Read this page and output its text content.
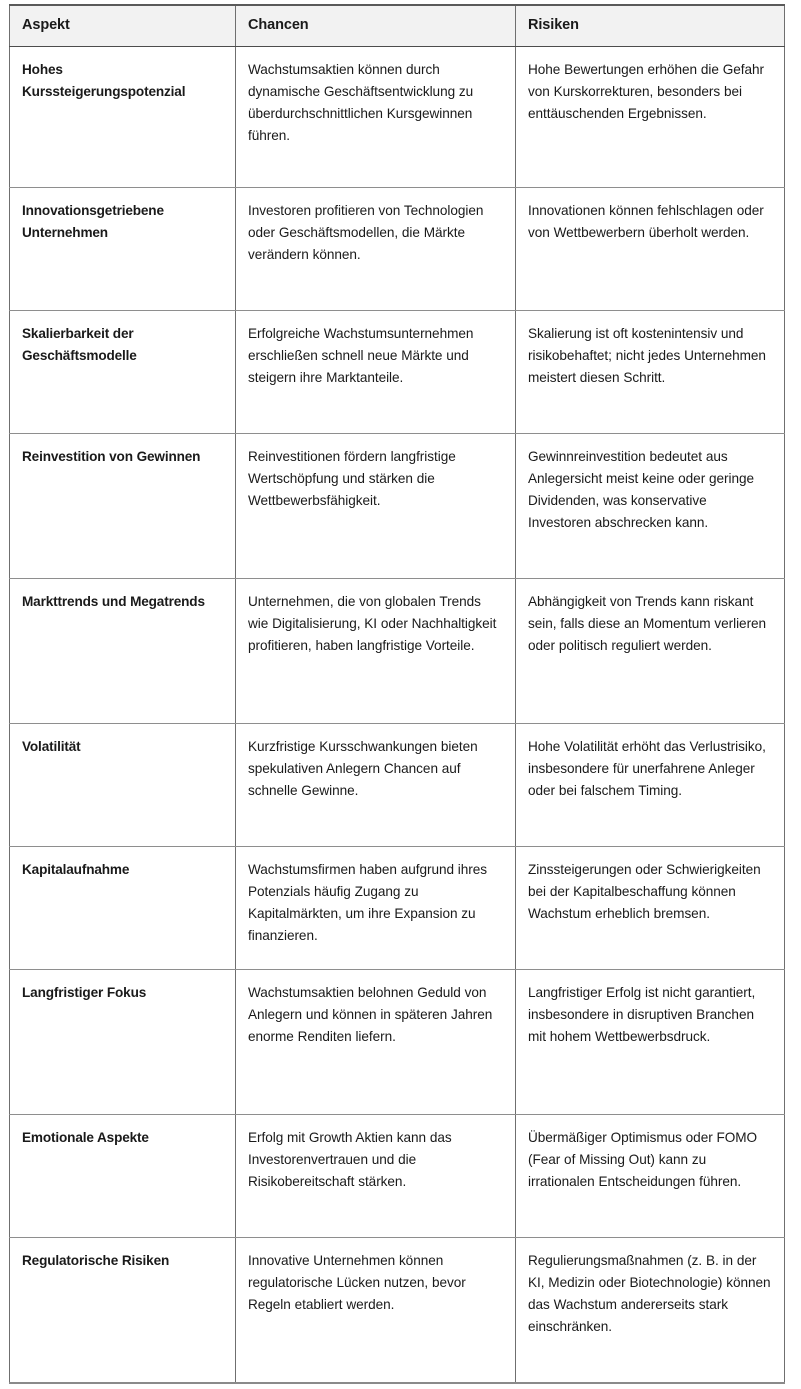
Aspekt	Chancen	Risiken
Hohes Kurssteigerungspotenzial	Wachstumsaktien können durch dynamische Geschäftsentwicklung zu überdurchschnittlichen Kursgewinnen führen.	Hohe Bewertungen erhöhen die Gefahr von Kurskorrekturen, besonders bei enttäuschenden Ergebnissen.
Innovationsgetriebene Unternehmen	Investoren profitieren von Technologien oder Geschäftsmodellen, die Märkte verändern können.	Innovationen können fehlschlagen oder von Wettbewerbern überholt werden.
Skalierbarkeit der Geschäftsmodelle	Erfolgreiche Wachstumsunternehmen erschließen schnell neue Märkte und steigern ihre Marktanteile.	Skalierung ist oft kostenintensiv und risikobehaftet; nicht jedes Unternehmen meistert diesen Schritt.
Reinvestition von Gewinnen	Reinvestitionen fördern langfristige Wertschöpfung und stärken die Wettbewerbsfähigkeit.	Gewinnreinvestition bedeutet aus Anlegersicht meist keine oder geringe Dividenden, was konservative Investoren abschrecken kann.
Markttrends und Megatrends	Unternehmen, die von globalen Trends wie Digitalisierung, KI oder Nachhaltigkeit profitieren, haben langfristige Vorteile.	Abhängigkeit von Trends kann riskant sein, falls diese an Momentum verlieren oder politisch reguliert werden.
Volatilität	Kurzfristige Kursschwankungen bieten spekulativen Anlegern Chancen auf schnelle Gewinne.	Hohe Volatilität erhöht das Verlustrisiko, insbesondere für unerfahrene Anleger oder bei falschem Timing.
Kapitalaufnahme	Wachstumsfirmen haben aufgrund ihres Potenzials häufig Zugang zu Kapitalmärkten, um ihre Expansion zu finanzieren.	Zinssteigerungen oder Schwierigkeiten bei der Kapitalbeschaffung können Wachstum erheblich bremsen.
Langfristiger Fokus	Wachstumsaktien belohnen Geduld von Anlegern und können in späteren Jahren enorme Renditen liefern.	Langfristiger Erfolg ist nicht garantiert, insbesondere in disruptiven Branchen mit hohem Wettbewerbsdruck.
Emotionale Aspekte	Erfolg mit Growth Aktien kann das Investorenvertrauen und die Risikobereitschaft stärken.	Übermäßiger Optimismus oder FOMO (Fear of Missing Out) kann zu irrationalen Entscheidungen führen.
Regulatorische Risiken	Innovative Unternehmen können regulatorische Lücken nutzen, bevor Regeln etabliert werden.	Regulierungsmaßnahmen (z. B. in der KI, Medizin oder Biotechnologie) können das Wachstum andererseits stark einschränken.
